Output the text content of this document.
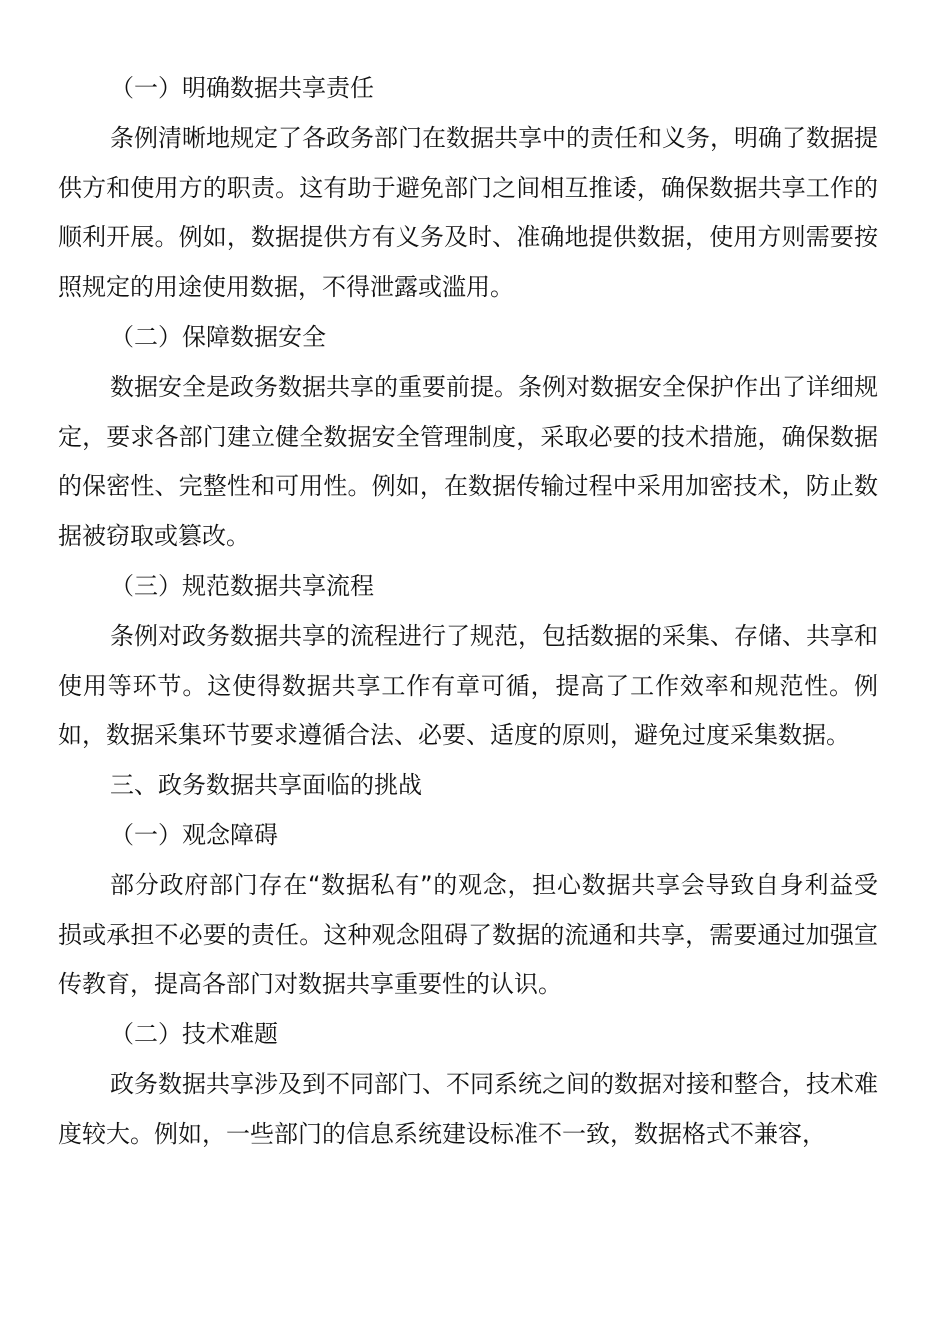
（一）明确数据共享责任

条例清晰地规定了各政务部门在数据共享中的责任和义务，明确了数据提供方和使用方的职责。这有助于避免部门之间相互推诿，确保数据共享工作的顺利开展。例如，数据提供方有义务及时、准确地提供数据，使用方则需要按照规定的用途使用数据，不得泄露或滥用。

（二）保障数据安全

数据安全是政务数据共享的重要前提。条例对数据安全保护作出了详细规定，要求各部门建立健全数据安全管理制度，采取必要的技术措施，确保数据的保密性、完整性和可用性。例如，在数据传输过程中采用加密技术，防止数据被窃取或篡改。

（三）规范数据共享流程

条例对政务数据共享的流程进行了规范，包括数据的采集、存储、共享和使用等环节。这使得数据共享工作有章可循，提高了工作效率和规范性。例如，数据采集环节要求遵循合法、必要、适度的原则，避免过度采集数据。

三、政务数据共享面临的挑战

（一）观念障碍

部分政府部门存在“数据私有”的观念，担心数据共享会导致自身利益受损或承担不必要的责任。这种观念阻碍了数据的流通和共享，需要通过加强宣传教育，提高各部门对数据共享重要性的认识。

（二）技术难题

政务数据共享涉及到不同部门、不同系统之间的数据对接和整合，技术难度较大。例如，一些部门的信息系统建设标准不一致，数据格式不兼容，
